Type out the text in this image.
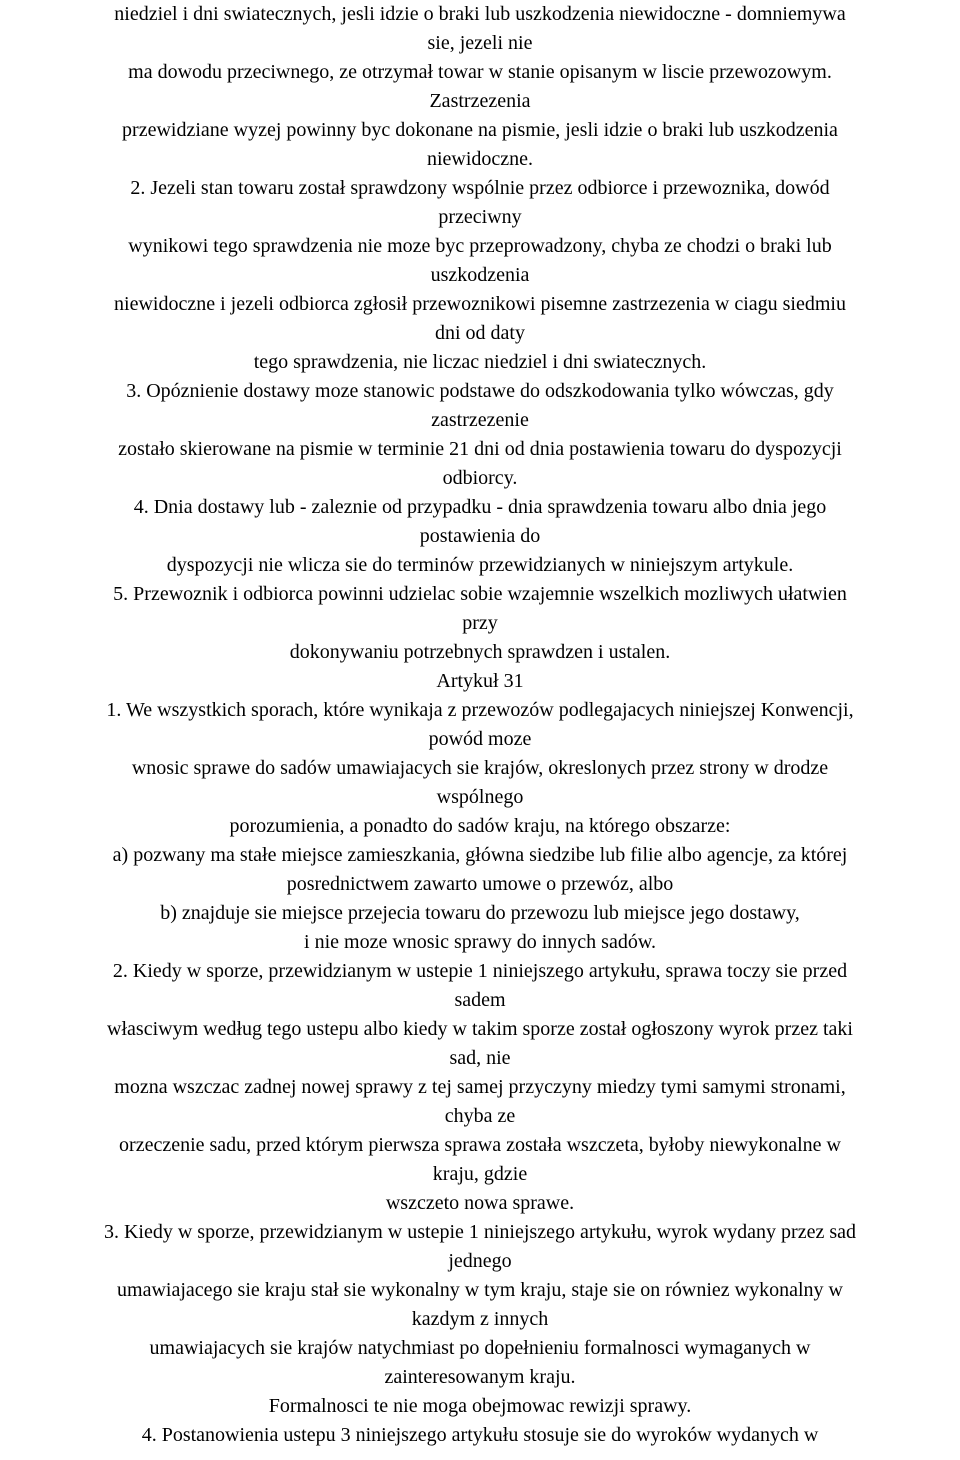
niedziel i dni swiatecznych, jesli idzie o braki lub uszkodzenia niewidoczne - domniemywa
sie, jezeli nie
ma dowodu przeciwnego, ze otrzymał towar w stanie opisanym w liscie przewozowym.
Zastrzezenia
przewidziane wyzej powinny byc dokonane na pismie, jesli idzie o braki lub uszkodzenia
niewidoczne.
2. Jezeli stan towaru został sprawdzony wspólnie przez odbiorce i przewoznika, dowód
przeciwny
wynikowi tego sprawdzenia nie moze byc przeprowadzony, chyba ze chodzi o braki lub
uszkodzenia
niewidoczne i jezeli odbiorca zgłosił przewoznikowi pisemne zastrzezenia w ciagu siedmiu
dni od daty
tego sprawdzenia, nie liczac niedziel i dni swiatecznych.
3. Opóznienie dostawy moze stanowic podstawe do odszkodowania tylko wówczas, gdy
zastrzezenie
zostało skierowane na pismie w terminie 21 dni od dnia postawienia towaru do dyspozycji
odbiorcy.
4. Dnia dostawy lub - zaleznie od przypadku - dnia sprawdzenia towaru albo dnia jego
postawienia do
dyspozycji nie wlicza sie do terminów przewidzianych w niniejszym artykule.
5. Przewoznik i odbiorca powinni udzielac sobie wzajemnie wszelkich mozliwych ułatwien
przy
dokonywaniu potrzebnych sprawdzen i ustalen.
Artykuł 31
1. We wszystkich sporach, które wynikaja z przewozów podlegajacych niniejszej Konwencji,
powód moze
wnosic sprawe do sadów umawiajacych sie krajów, okreslonych przez strony w drodze
wspólnego
porozumienia, a ponadto do sadów kraju, na którego obszarze:
a) pozwany ma stałe miejsce zamieszkania, główna siedzibe lub filie albo agencje, za której
posrednictwem zawarto umowe o przewóz, albo
b) znajduje sie miejsce przejecia towaru do przewozu lub miejsce jego dostawy,
i nie moze wnosic sprawy do innych sadów.
2. Kiedy w sporze, przewidzianym w ustepie 1 niniejszego artykułu, sprawa toczy sie przed
sadem
własciwym według tego ustepu albo kiedy w takim sporze został ogłoszony wyrok przez taki
sad, nie
mozna wszczac zadnej nowej sprawy z tej samej przyczyny miedzy tymi samymi stronami,
chyba ze
orzeczenie sadu, przed którym pierwsza sprawa została wszczeta, byłoby niewykonalne w
kraju, gdzie
wszczeto nowa sprawe.
3. Kiedy w sporze, przewidzianym w ustepie 1 niniejszego artykułu, wyrok wydany przez sad
jednego
umawiajacego sie kraju stał sie wykonalny w tym kraju, staje sie on równiez wykonalny w
kazdym z innych
umawiajacych sie krajów natychmiast po dopełnieniu formalnosci wymaganych w
zainteresowanym kraju.
Formalnosci te nie moga obejmowac rewizji sprawy.
4. Postanowienia ustepu 3 niniejszego artykułu stosuje sie do wyroków wydanych w
